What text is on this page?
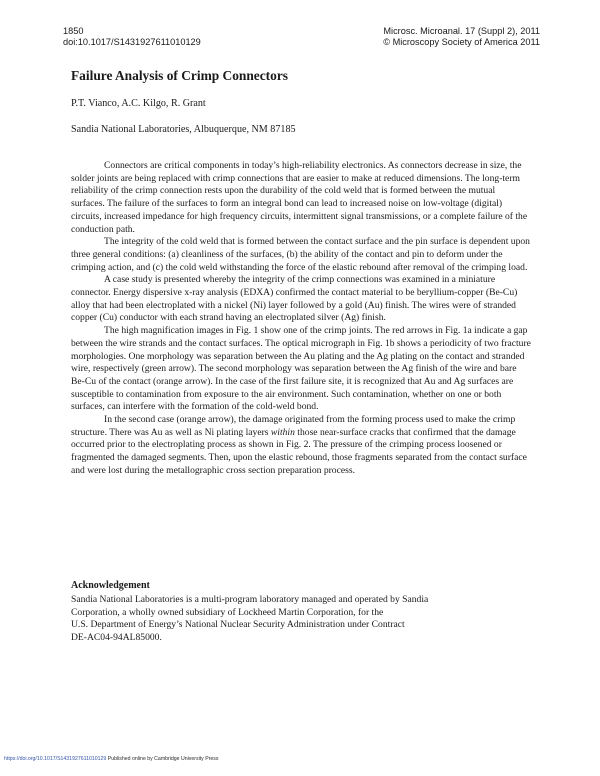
1850
doi:10.1017/S1431927611010129
Microsc. Microanal. 17 (Suppl 2), 2011
© Microscopy Society of America 2011
Failure Analysis of Crimp Connectors
P.T. Vianco, A.C. Kilgo, R. Grant
Sandia National Laboratories, Albuquerque, NM 87185

Connectors are critical components in today’s high-reliability electronics. As connectors decrease in size, the solder joints are being replaced with crimp connections that are easier to make at reduced dimensions. The long-term reliability of the crimp connection rests upon the durability of the cold weld that is formed between the mutual surfaces. The failure of the surfaces to form an integral bond can lead to increased noise on low-voltage (digital) circuits, increased impedance for high frequency circuits, intermittent signal transmissions, or a complete failure of the conduction path.

The integrity of the cold weld that is formed between the contact surface and the pin surface is dependent upon three general conditions: (a) cleanliness of the surfaces, (b) the ability of the contact and pin to deform under the crimping action, and (c) the cold weld withstanding the force of the elastic rebound after removal of the crimping load.

A case study is presented whereby the integrity of the crimp connections was examined in a miniature connector. Energy dispersive x-ray analysis (EDXA) confirmed the contact material to be beryllium-copper (Be-Cu) alloy that had been electroplated with a nickel (Ni) layer followed by a gold (Au) finish. The wires were of stranded copper (Cu) conductor with each strand having an electroplated silver (Ag) finish.

The high magnification images in Fig. 1 show one of the crimp joints. The red arrows in Fig. 1a indicate a gap between the wire strands and the contact surfaces. The optical micrograph in Fig. 1b shows a periodicity of two fracture morphologies. One morphology was separation between the Au plating and the Ag plating on the contact and stranded wire, respectively (green arrow). The second morphology was separation between the Ag finish of the wire and bare Be-Cu of the contact (orange arrow). In the case of the first failure site, it is recognized that Au and Ag surfaces are susceptible to contamination from exposure to the air environment. Such contamination, whether on one or both surfaces, can interfere with the formation of the cold-weld bond.

In the second case (orange arrow), the damage originated from the forming process used to make the crimp structure. There was Au as well as Ni plating layers within those near-surface cracks that confirmed that the damage occurred prior to the electroplating process as shown in Fig. 2. The pressure of the crimping process loosened or fragmented the damaged segments. Then, upon the elastic rebound, those fragments separated from the contact surface and were lost during the metallographic cross section preparation process.

Acknowledgement
Sandia National Laboratories is a multi-program laboratory managed and operated by Sandia
Corporation, a wholly owned subsidiary of Lockheed Martin Corporation, for the
U.S. Department of Energy’s National Nuclear Security Administration under Contract
DE-AC04-94AL85000.
https://doi.org/10.1017/S1431927611010129 Published online by Cambridge University Press
